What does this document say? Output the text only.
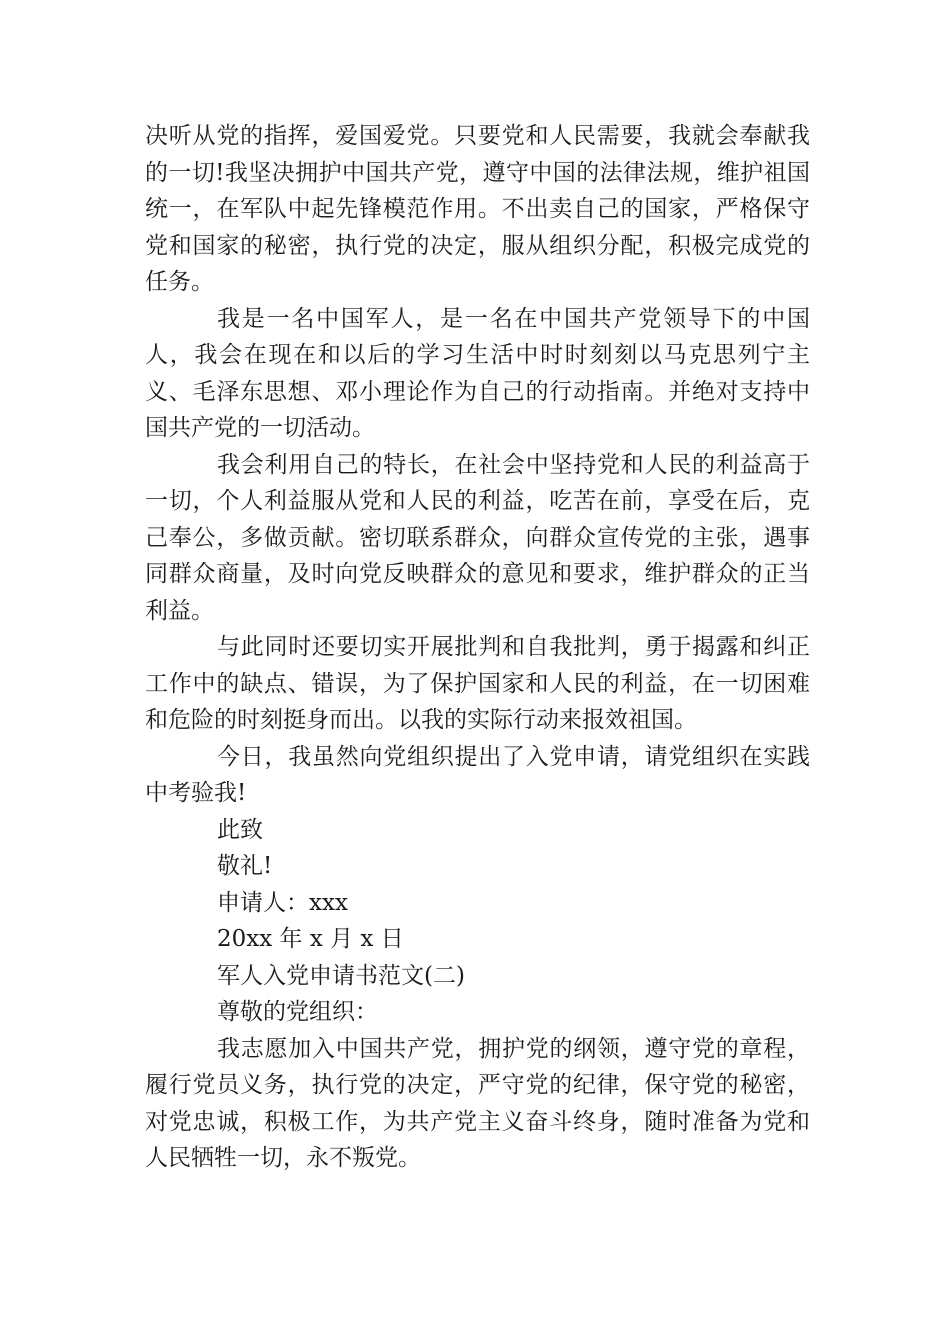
决听从党的指挥，爱国爱党。只要党和人民需要，我就会奉献我的一切!我坚决拥护中国共产党，遵守中国的法律法规，维护祖国统一，在军队中起先锋模范作用。不出卖自己的国家，严格保守党和国家的秘密，执行党的决定，服从组织分配，积极完成党的任务。

我是一名中国军人，是一名在中国共产党领导下的中国人，我会在现在和以后的学习生活中时时刻刻以马克思列宁主义、毛泽东思想、邓小理论作为自己的行动指南。并绝对支持中国共产党的一切活动。

我会利用自己的特长，在社会中坚持党和人民的利益高于一切，个人利益服从党和人民的利益，吃苦在前，享受在后，克己奉公，多做贡献。密切联系群众，向群众宣传党的主张，遇事同群众商量，及时向党反映群众的意见和要求，维护群众的正当利益。

与此同时还要切实开展批判和自我批判，勇于揭露和纠正工作中的缺点、错误，为了保护国家和人民的利益，在一切困难和危险的时刻挺身而出。以我的实际行动来报效祖国。

今日，我虽然向党组织提出了入党申请，请党组织在实践中考验我!

此致

敬礼!

申请人：xxx

20xx 年 x 月 x 日

军人入党申请书范文(二)

尊敬的党组织：

我志愿加入中国共产党，拥护党的纲领，遵守党的章程，履行党员义务，执行党的决定，严守党的纪律，保守党的秘密，对党忠诚，积极工作，为共产党主义奋斗终身，随时准备为党和人民牺牲一切，永不叛党。
